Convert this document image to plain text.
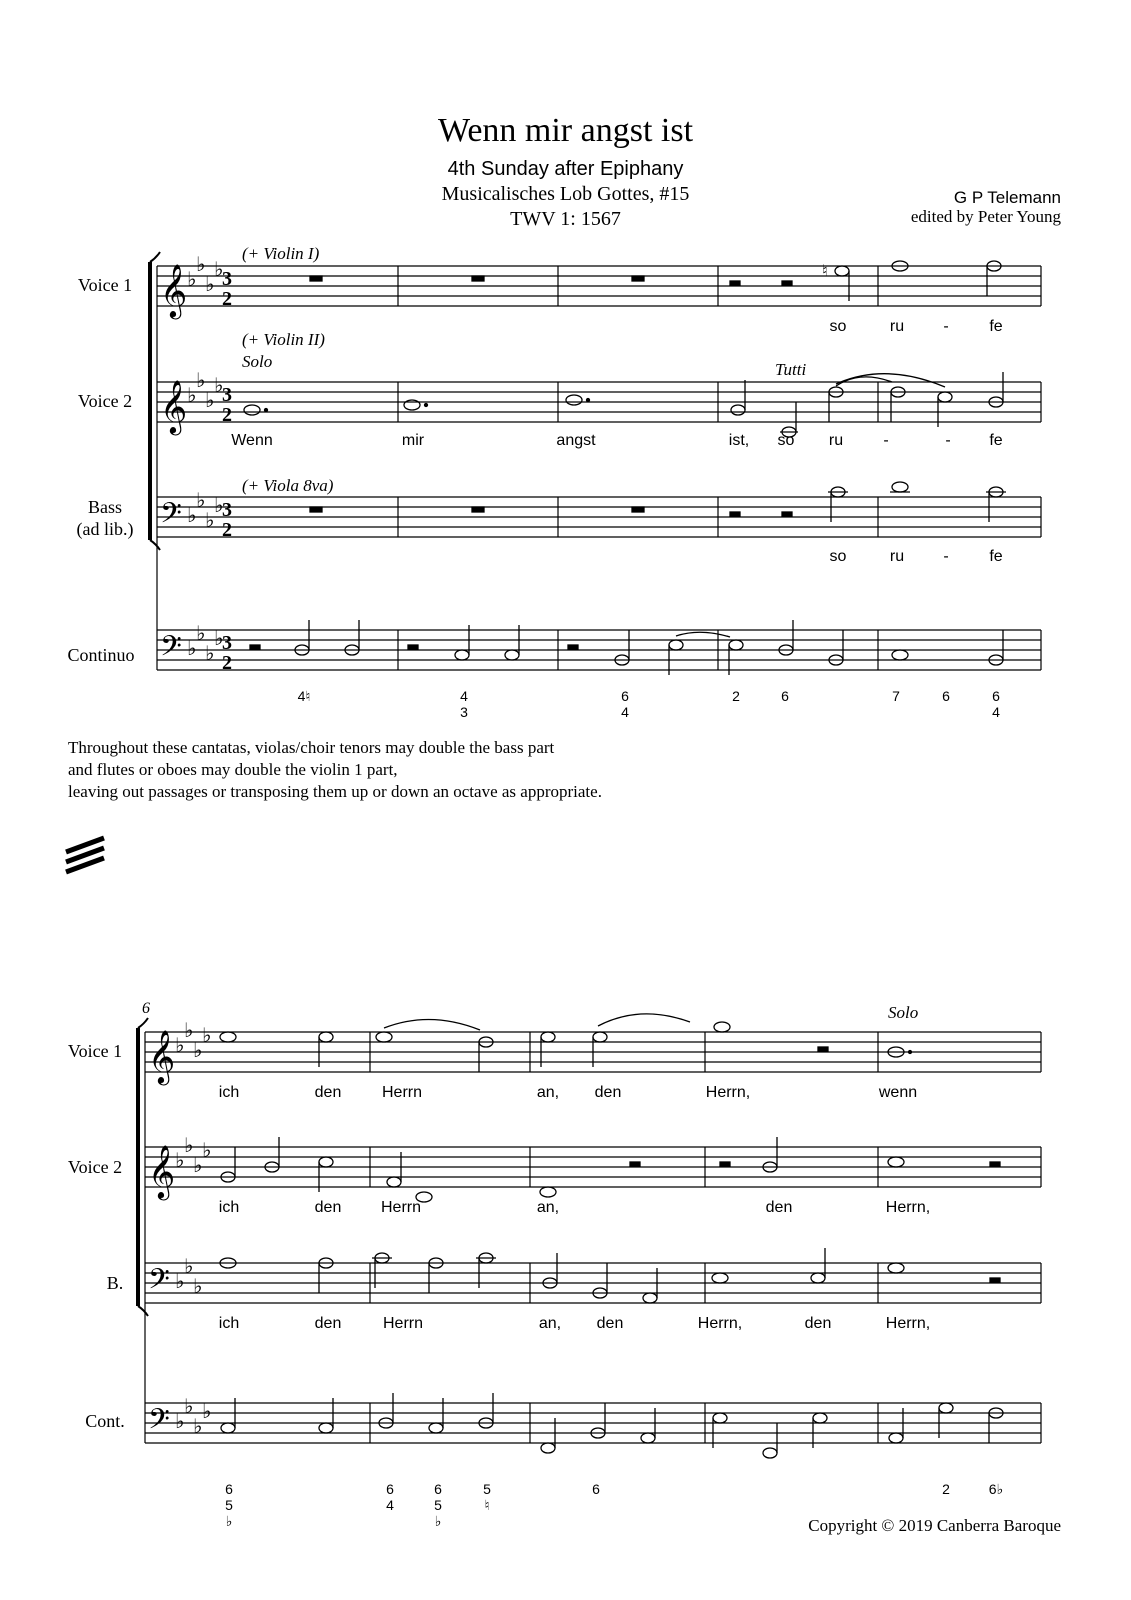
Wenn mir angst ist
4th Sunday after Epiphany
Musicalisches Lob Gottes, #15
TWV 1: 1567
G P Telemann
edited by Peter Young
Voice 1
Voice 2
Bass
(ad lib.)
Continuo
(+ Violin I)
(+ Violin II)
Solo	Tutti
(+ Viola 8va)
so	ru -	fe
Wenn	mir	angst	ist, so ru	-	- fe
so	ru -	fe
4♮	4
3
6
4
2	6	7	6	6
4
Throughout these cantatas, violas/choir tenors may double the bass part
and flutes or oboes may double the violin 1 part,
leaving out passages or transposing them up or down an octave as appropriate.
6
Voice 1
Voice 2
B.
Cont.
Solo
ich	den	Herrn	an, den	Herrn,	wenn
ich	den Herrn	an,	den	Herrn,
ich	den	Herrn	an, den	Herrn,	den	Herrn,
6
5
♭
6
4
6
5
♭
5
♮
6	2	6♭
Copyright © 2019 Canberra Baroque
𝄞
𝄞
𝄢
𝄢
𝄞
𝄞
𝄢
𝄢
♭
♭
♭
♭
♭
♭
♭
♭
♭
♭
♭
♭
♭
♭
♭
♭
♭
♭
♭
♭
♭
♭
♭
♭
♭
♭
♭
♭
♭
♭
♭
3
2
3
2
3
2
3
2
♮
